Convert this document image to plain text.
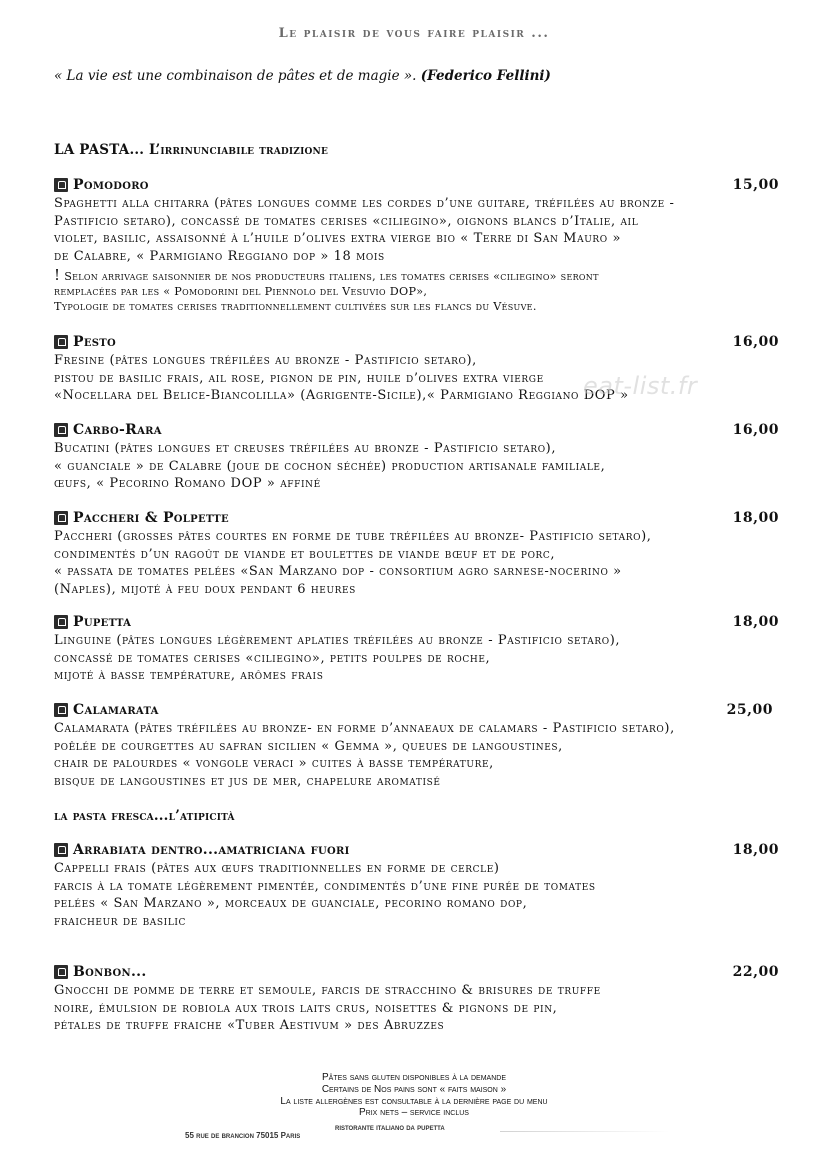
Le plaisir de vous faire plaisir ...
« La vie est une combinaison de pâtes et de magie ». (Federico Fellini)
LA PASTA... L’irrinunciabile tradizione
Pomodoro	15,00
Spaghetti alla chitarra (pâtes longues comme les cordes d’une guitare, tréfilées au bronze -
Pastificio setaro), concassé de tomates cerises «ciliegino», oignons blancs d’Italie, ail
violet, basilic, assaisonné à l’huile d’olives extra vierge bio « Terre di San Mauro »
de Calabre, « Parmigiano Reggiano dop » 18 mois
! Selon arrivage saisonnier de nos producteurs italiens, les tomates cerises «ciliegino» seront
remplacées par les « Pomodorini del Piennolo del Vesuvio DOP»,
Typologie de tomates cerises traditionnellement cultivées sur les flancs du Vésuve.
Pesto	16,00
Fresine (pâtes longues tréfilées au bronze - Pastificio setaro),
pistou de basilic frais, ail rose, pignon de pin, huile d’olives extra vierge
«Nocellara del Belice-Biancolilla» (Agrigente-Sicile),« Parmigiano Reggiano DOP »
Carbo-Rara	16,00
Bucatini (pâtes longues et creuses tréfilées au bronze - Pastificio setaro),
« guanciale » de Calabre (joue de cochon séchée) production artisanale familiale,
œufs, « Pecorino Romano DOP » affiné
Paccheri & Polpette	18,00
Paccheri (grosses pâtes courtes en forme de tube tréfilées au bronze- Pastificio setaro),
condimentés d’un ragoût de viande et boulettes de viande bœuf et de porc,
« passata de tomates pelées «San Marzano dop - consortium agro sarnese-nocerino »
(Naples), mijoté à feu doux pendant 6 heures
Pupetta	18,00
Linguine (pâtes longues légèrement aplaties tréfilées au bronze - Pastificio setaro),
concassé de tomates cerises «ciliegino», petits poulpes de roche,
mijoté à basse température, arômes frais
Calamarata	25,00
Calamarata (pâtes tréfilées au bronze- en forme d’annaeaux de calamars - Pastificio setaro),
poêlée de courgettes au safran sicilien « Gemma », queues de langoustines,
chair de palourdes « vongole veraci » cuites à basse température,
bisque de langoustines et jus de mer, chapelure aromatisé
la pasta fresca...l’atipicità
Arrabiata dentro...amatriciana fuori	18,00
Cappelli frais (pâtes aux œufs traditionnelles en forme de cercle)
farcis à la tomate légèrement pimentée, condimentés d’une fine purée de tomates
pelées « San Marzano », morceaux de guanciale, pecorino romano dop,
fraicheur de basilic
Bonbon...	22,00
Gnocchi de pomme de terre et semoule, farcis de stracchino & brisures de truffe
noire, émulsion de robiola aux trois laits crus, noisettes & pignons de pin,
pétales de truffe fraiche «Tuber Aestivum » des Abruzzes
eat-list.fr
Pâtes sans gluten disponibles à la demande
Certains de Nos pains sont « faits maison »
La liste allergènes est consultable à la dernière page du menu
Prix nets – service inclus
ristorante italiano da pupetta
55 rue de brancion 75015 Paris
